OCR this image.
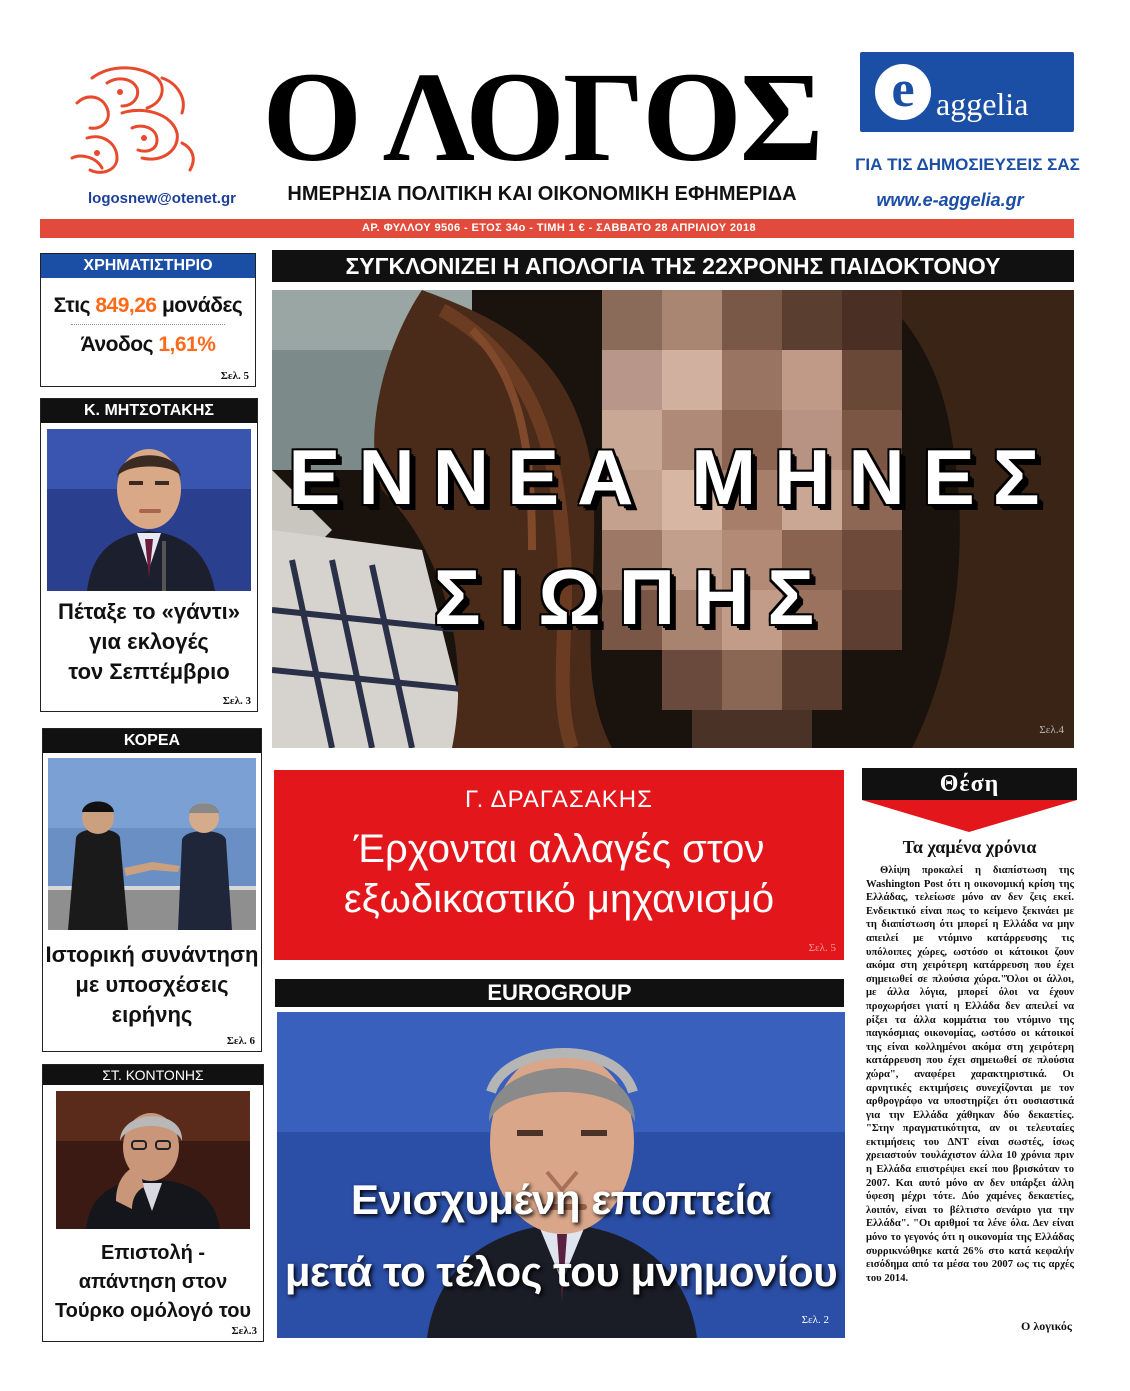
logosnew@otenet.gr
Ο ΛΟΓΟΣ
ΗΜΕΡΗΣΙΑ ΠΟΛΙΤΙΚΗ ΚΑΙ ΟΙΚΟΝΟΜΙΚΗ ΕΦΗΜΕΡΙΔΑ
e aggelia
ΓΙΑ ΤΙΣ ΔΗΜΟΣΙΕΥΣΕΙΣ ΣΑΣ
www.e-aggelia.gr
ΑΡ. ΦΥΛΛΟΥ 9506 - ΕΤΟΣ 34ο - ΤΙΜΗ 1 € - ΣΑΒΒΑΤΟ 28 ΑΠΡΙΛΙΟΥ 2018
ΧΡΗΜΑΤΙΣΤΗΡΙΟ
Στις 849,26 μονάδες
Άνοδος 1,61%
Σελ. 5
Κ. ΜΗΤΣΟΤΑΚΗΣ
Πέταξε το «γάντι»
για εκλογές
τον Σεπτέμβριο
Σελ. 3
ΚΟΡΕΑ
Ιστορική συνάντηση
με υποσχέσεις
ειρήνης
Σελ. 6
ΣΤ. ΚΟΝΤΟΝΗΣ
Επιστολή -
απάντηση στον
Τούρκο ομόλογό του
Σελ.3
ΣΥΓΚΛΟΝΙΖΕΙ Η ΑΠΟΛΟΓΙΑ ΤΗΣ 22ΧΡΟΝΗΣ ΠΑΙΔΟΚΤΟΝΟΥ
ΕΝΝΕΑ ΜΗΝΕΣ
ΣΙΩΠΗΣ
Σελ.4
Γ. ΔΡΑΓΑΣΑΚΗΣ
Έρχονται αλλαγές στον
εξωδικαστικό μηχανισμό
Σελ. 5
EUROGROUP
Ενισχυμένη εποπτεία
μετά το τέλος του μνημονίου
Σελ. 2
Θέση
Τα χαμένα χρόνια
Θλίψη προκαλεί η διαπίστωση της Washington Post ότι η οικονομική κρίση της Ελλάδας, τελείωσε μόνο αν δεν ζεις εκεί. Ενδεικτικό είναι πως το κείμενο ξεκινάει με τη διαπίστωση ότι μπορεί η Ελλάδα να μην απειλεί με ντόμινο κατάρρευσης τις υπόλοιπες χώρες, ωστόσο οι κάτοικοι ζουν ακόμα στη χειρότερη κατάρρευση που έχει σημειωθεί σε πλούσια χώρα."Όλοι οι άλλοι, με άλλα λόγια, μπορεί όλοι να έχουν προχωρήσει γιατί η Ελλάδα δεν απειλεί να ρίξει τα άλλα κομμάτια του ντόμινο της παγκόσμιας οικονομίας, ωστόσο οι κάτοικοί της είναι κολλημένοι ακόμα στη χειρότερη κατάρρευση που έχει σημειωθεί σε πλούσια χώρα", αναφέρει χαρακτηριστικά. Οι αρνητικές εκτιμήσεις συνεχίζονται με τον αρθρογράφο να υποστηρίζει ότι ουσιαστικά για την Ελλάδα χάθηκαν δύο δεκαετίες. "Στην πραγματικότητα, αν οι τελευταίες εκτιμήσεις του ΔΝΤ είναι σωστές, ίσως χρειαστούν τουλάχιστον άλλα 10 χρόνια πριν η Ελλάδα επιστρέψει εκεί που βρισκόταν το 2007. Και αυτό μόνο αν δεν υπάρξει άλλη ύφεση μέχρι τότε. Δύο χαμένες δεκαετίες, λοιπόν, είναι το βέλτιστο σενάριο για την Ελλάδα". "Οι αριθμοί τα λένε όλα. Δεν είναι μόνο το γεγονός ότι η οικονομία της Ελλάδας συρρικνώθηκε κατά 26% στο κατά κεφαλήν εισόδημα από τα μέσα του 2007 ως τις αρχές του 2014.
Ο λογικός
